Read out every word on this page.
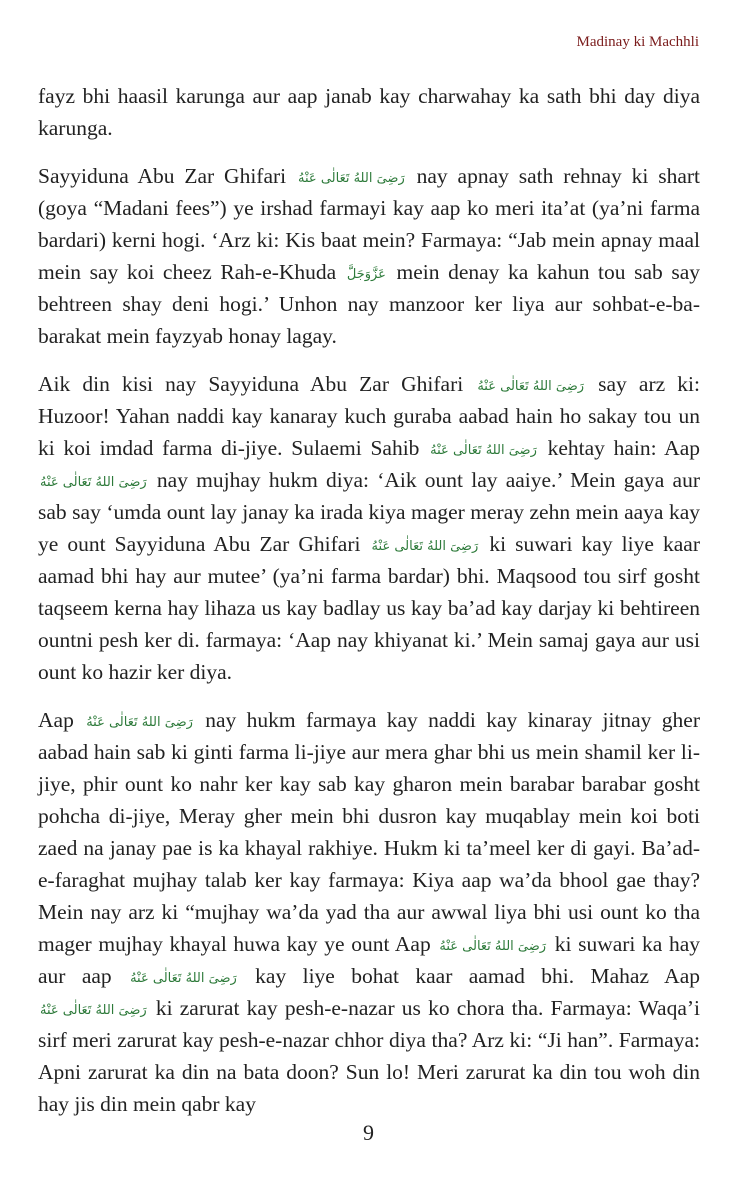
Madinay ki Machhli

fayz bhi haasil karunga aur aap janab kay charwahay ka sath bhi day diya karunga.

Sayyiduna Abu Zar Ghifari رَضِیَ اللهُ تَعَالٰی عَنْهُ nay apnay sath rehnay ki shart (goya “Madani fees”) ye irshad farmayi kay aap ko meri ita’at (ya’ni farma bardari) kerni hogi. ‘Arz ki: Kis baat mein? Farmaya: “Jab mein apnay maal mein say koi cheez Rah-e-Khuda عَزَّوَجَلَّ mein denay ka kahun tou sab say behtreen shay deni hogi.’ Unhon nay manzoor ker liya aur sohbat-e-ba-barakat mein fayzyab honay lagay.

Aik din kisi nay Sayyiduna Abu Zar Ghifari رَضِیَ اللهُ تَعَالٰی عَنْهُ say arz ki: Huzoor! Yahan naddi kay kanaray kuch guraba aabad hain ho sakay tou un ki koi imdad farma di-jiye. Sulaemi Sahib رَضِیَ اللهُ تَعَالٰی عَنْهُ kehtay hain: Aap رَضِیَ اللهُ تَعَالٰی عَنْهُ nay mujhay hukm diya: ‘Aik ount lay aaiye.’ Mein gaya aur sab say ‘umda ount lay janay ka irada kiya mager meray zehn mein aaya kay ye ount Sayyiduna Abu Zar Ghifari رَضِیَ اللهُ تَعَالٰی عَنْهُ ki suwari kay liye kaar aamad bhi hay aur mutee’ (ya’ni farma bardar) bhi. Maqsood tou sirf gosht taqseem kerna hay lihaza us kay badlay us kay ba’ad kay darjay ki behtireen ountni pesh ker di. farmaya: ‘Aap nay khiyanat ki.’ Mein samaj gaya aur usi ount ko hazir ker diya.

Aap رَضِیَ اللهُ تَعَالٰی عَنْهُ nay hukm farmaya kay naddi kay kinaray jitnay gher aabad hain sab ki ginti farma li-jiye aur mera ghar bhi us mein shamil ker li-jiye, phir ount ko nahr ker kay sab kay gharon mein barabar barabar gosht pohcha di-jiye, Meray gher mein bhi dusron kay muqablay mein koi boti zaed na janay pae is ka khayal rakhiye. Hukm ki ta’meel ker di gayi. Ba’ad-e-faraghat mujhay talab ker kay farmaya: Kiya aap wa’da bhool gae thay? Mein nay arz ki “mujhay wa’da yad tha aur awwal liya bhi usi ount ko tha mager mujhay khayal huwa kay ye ount Aap رَضِیَ اللهُ تَعَالٰی عَنْهُ ki suwari ka hay aur aap رَضِیَ اللهُ تَعَالٰی عَنْهُ kay liye bohat kaar aamad bhi. Mahaz Aap رَضِیَ اللهُ تَعَالٰی عَنْهُ ki zarurat kay pesh-e-nazar us ko chora tha. Farmaya: Waqa’i sirf meri zarurat kay pesh-e-nazar chhor diya tha? Arz ki: “Ji han”. Farmaya: Apni zarurat ka din na bata doon? Sun lo! Meri zarurat ka din tou woh din hay jis din mein qabr kay

9
